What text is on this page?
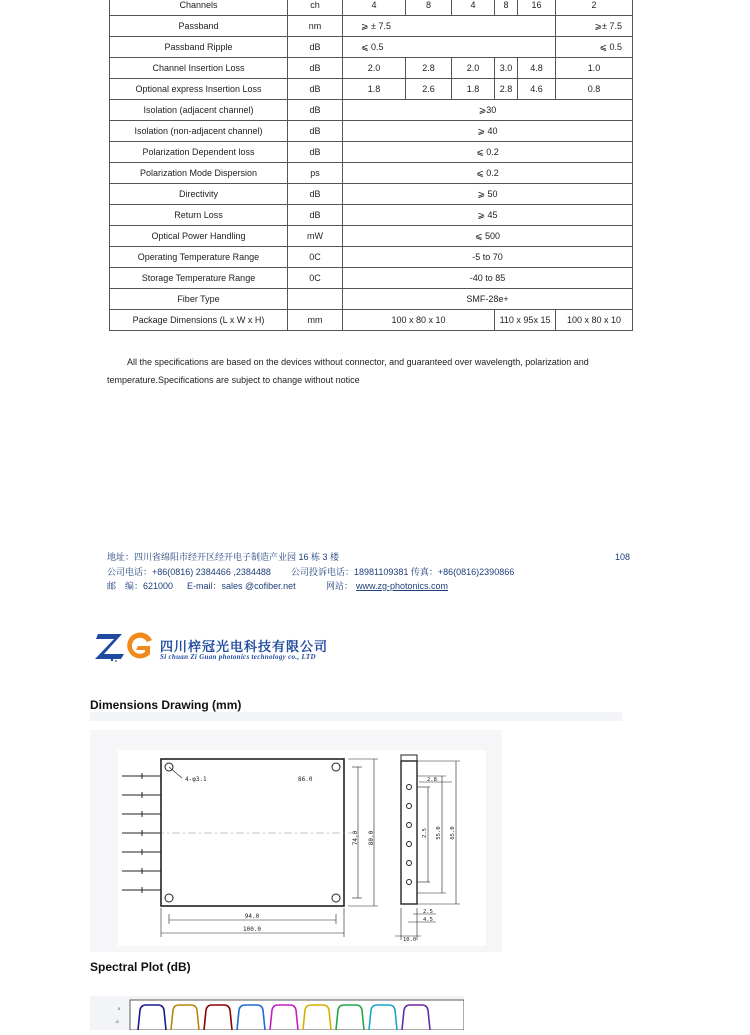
Channels	ch	4	8	4	8	16	2
Passband	nm	⩾ ± 7.5					⩾± 7.5
Passband Ripple	dB	⩽ 0.5					⩽ 0.5
Channel Insertion Loss	dB	2.0	2.8	2.0	3.0	4.8	1.0
Optional express Insertion Loss	dB	1.8	2.6	1.8	2.8	4.6	0.8
Isolation (adjacent channel)	dB	⩾30					
Isolation (non-adjacent channel)	dB	⩾ 40					
Polarization Dependent loss	dB	⩽ 0.2					
Polarization Mode Dispersion	ps	⩽ 0.2					
Directivity	dB	⩾ 50					
Return Loss	dB	⩾ 45					
Optical Power Handling	mW	⩽ 500					
Operating Temperature Range	0C	-5 to 70					
Storage Temperature Range	0C	-40 to 85					
Fiber Type		SMF-28e+					
Package Dimensions (L x W x H)	mm	100 x 80 x 10			110 x 95x 15		100 x 80 x 10
All the specifications are based on the devices without connector, and guaranteed over wavelength, polarization and
temperature.Specifications are subject to change without notice
地址：四川省绵阳市经开区经开电子制造产业园 16 栋 3 楼	108
公司电话：+86(0816) 2384466 ,2384488 公司投诉电话：18981109381 传真：+86(0816)2390866
邮　编：621000 E-mail：sales @cofiber.net	网站： www.zg-photonics.com
四川梓冠光电科技有限公司
Si chuan Zi Guan photonics technology co., LTD
Dimensions Drawing (mm)
4-φ3.1	86.0
74.0 80.0
94.0
100.0
2.8
2.5 55.0 65.0
2.5
4.5
10.0
Spectral Plot (dB)
0
-5
